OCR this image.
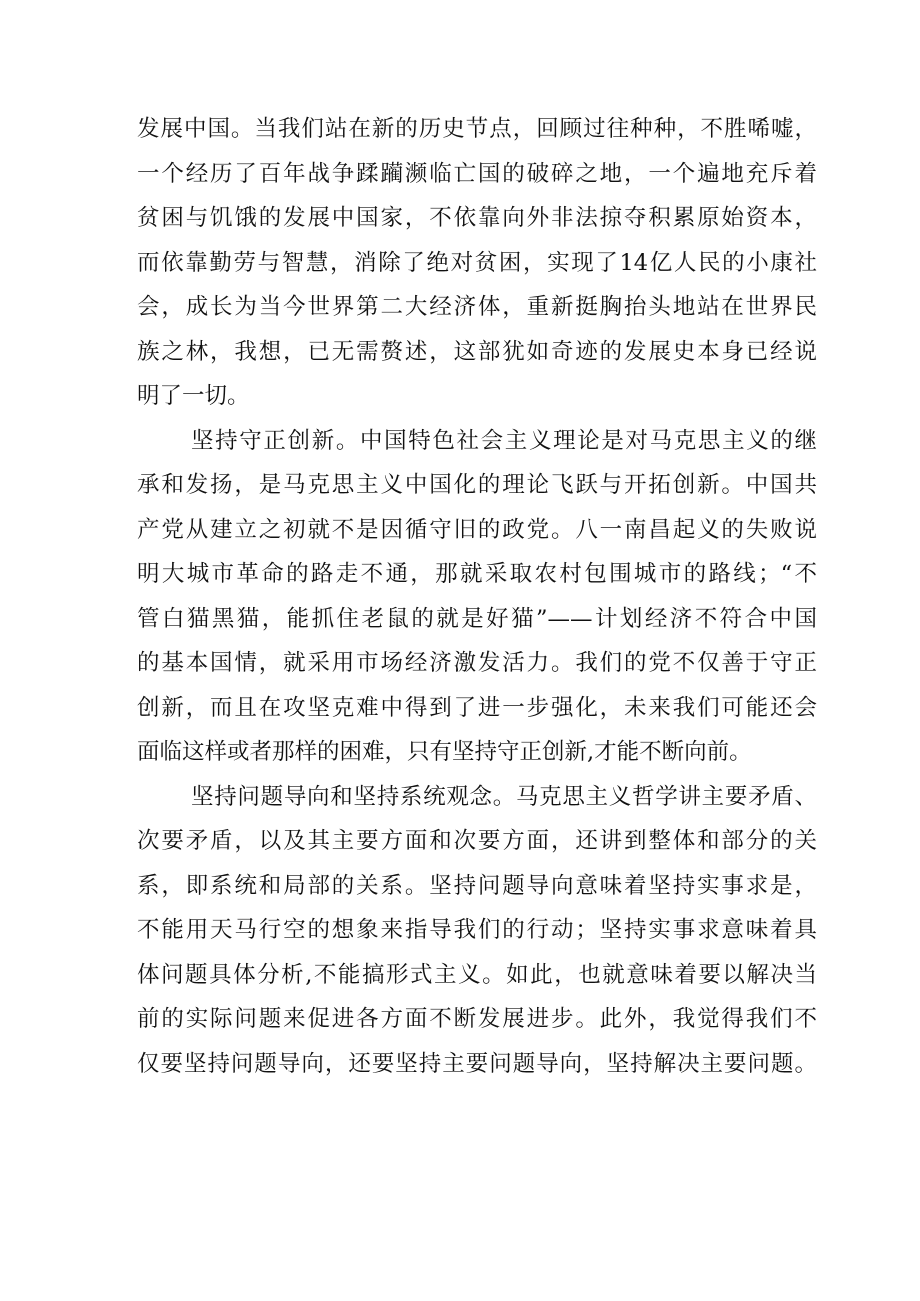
发展中国。当我们站在新的历史节点，回顾过往种种，不胜唏嘘，
一个经历了百年战争蹂躏濒临亡国的破碎之地，一个遍地充斥着
贫困与饥饿的发展中国家，不依靠向外非法掠夺积累原始资本，
而依靠勤劳与智慧，消除了绝对贫困，实现了14亿人民的小康社
会，成长为当今世界第二大经济体，重新挺胸抬头地站在世界民
族之林，我想，已无需赘述，这部犹如奇迹的发展史本身已经说
明了一切。
坚持守正创新。中国特色社会主义理论是对马克思主义的继
承和发扬，是马克思主义中国化的理论飞跃与开拓创新。中国共
产党从建立之初就不是因循守旧的政党。八一南昌起义的失败说
明大城市革命的路走不通，那就采取农村包围城市的路线；“不
管白猫黑猫，能抓住老鼠的就是好猫”——计划经济不符合中国
的基本国情，就采用市场经济激发活力。我们的党不仅善于守正
创新，而且在攻坚克难中得到了进一步强化，未来我们可能还会
面临这样或者那样的困难，只有坚持守正创新,才能不断向前。
坚持问题导向和坚持系统观念。马克思主义哲学讲主要矛盾、
次要矛盾，以及其主要方面和次要方面，还讲到整体和部分的关
系，即系统和局部的关系。坚持问题导向意味着坚持实事求是，
不能用天马行空的想象来指导我们的行动；坚持实事求意味着具
体问题具体分析,不能搞形式主义。如此，也就意味着要以解决当
前的实际问题来促进各方面不断发展进步。此外，我觉得我们不
仅要坚持问题导向，还要坚持主要问题导向，坚持解决主要问题。
